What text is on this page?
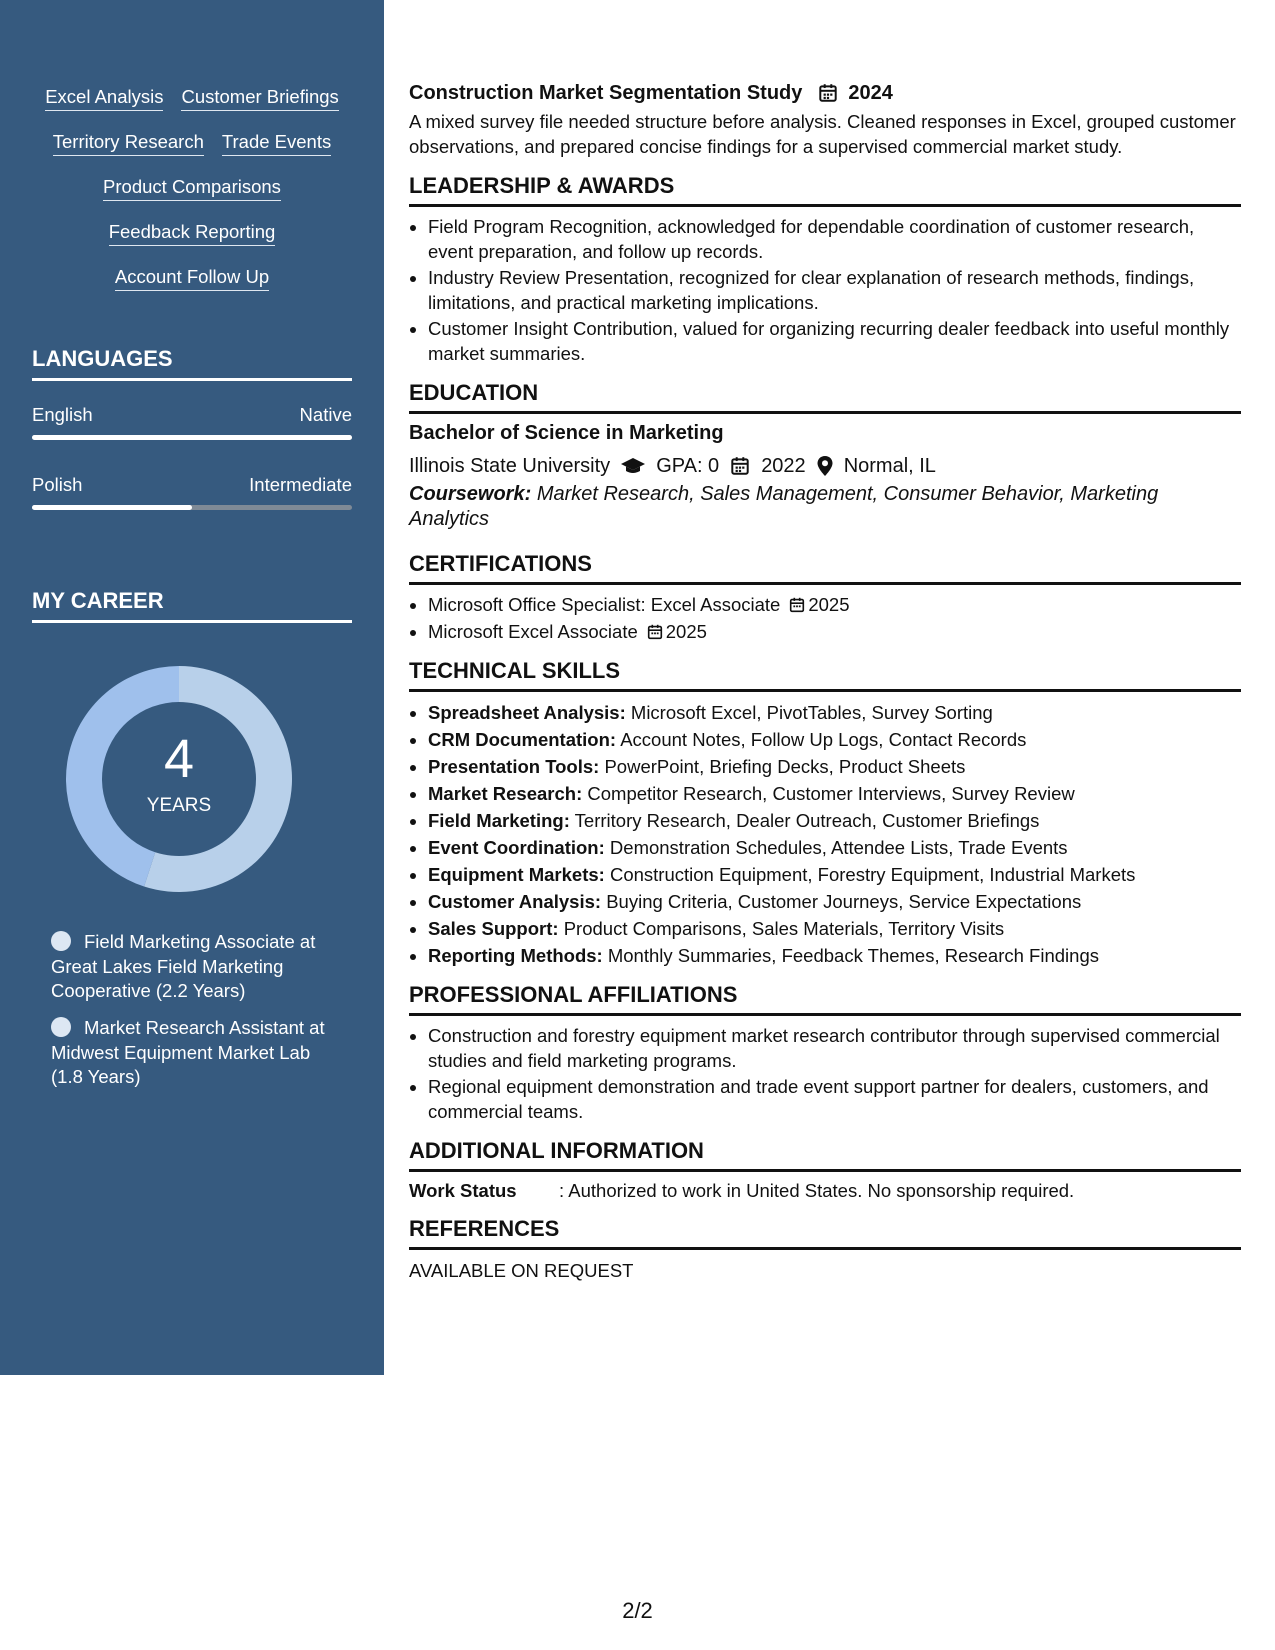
Excel Analysis Customer Briefings
Territory Research Trade Events
Product Comparisons
Feedback Reporting
Account Follow Up
LANGUAGES
English	Native
Polish	Intermediate
MY CAREER
4
YEARS
Field Marketing Associate at Great Lakes Field Marketing Cooperative (2.2 Years)
Market Research Assistant at Midwest Equipment Market Lab (1.8 Years)
Construction Market Segmentation Study 2024
A mixed survey file needed structure before analysis. Cleaned responses in Excel, grouped customer observations, and prepared concise findings for a supervised commercial market study.
LEADERSHIP & AWARDS
• Field Program Recognition, acknowledged for dependable coordination of customer research, event preparation, and follow up records.
• Industry Review Presentation, recognized for clear explanation of research methods, findings, limitations, and practical marketing implications.
• Customer Insight Contribution, valued for organizing recurring dealer feedback into useful monthly market summaries.
EDUCATION
Bachelor of Science in Marketing
Illinois State University GPA: 0 2022 Normal, IL
Coursework: Market Research, Sales Management, Consumer Behavior, Marketing Analytics
CERTIFICATIONS
• Microsoft Office Specialist: Excel Associate 2025
• Microsoft Excel Associate 2025
TECHNICAL SKILLS
• Spreadsheet Analysis: Microsoft Excel, PivotTables, Survey Sorting
• CRM Documentation: Account Notes, Follow Up Logs, Contact Records
• Presentation Tools: PowerPoint, Briefing Decks, Product Sheets
• Market Research: Competitor Research, Customer Interviews, Survey Review
• Field Marketing: Territory Research, Dealer Outreach, Customer Briefings
• Event Coordination: Demonstration Schedules, Attendee Lists, Trade Events
• Equipment Markets: Construction Equipment, Forestry Equipment, Industrial Markets
• Customer Analysis: Buying Criteria, Customer Journeys, Service Expectations
• Sales Support: Product Comparisons, Sales Materials, Territory Visits
• Reporting Methods: Monthly Summaries, Feedback Themes, Research Findings
PROFESSIONAL AFFILIATIONS
• Construction and forestry equipment market research contributor through supervised commercial studies and field marketing programs.
• Regional equipment demonstration and trade event support partner for dealers, customers, and commercial teams.
ADDITIONAL INFORMATION
Work Status	: Authorized to work in United States. No sponsorship required.
REFERENCES
AVAILABLE ON REQUEST
2/2
